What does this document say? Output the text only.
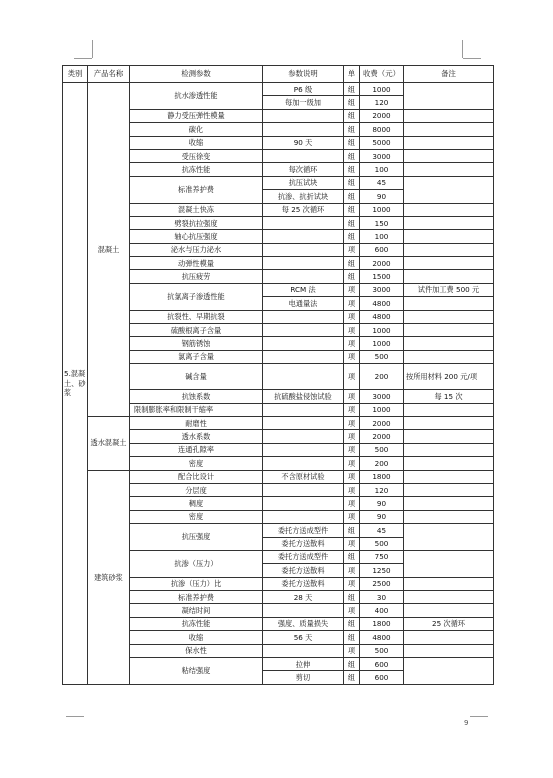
类别	产品名称	检测参数	参数说明	单	收费（元）	备注
5.混凝土、砂浆	混凝土	抗水渗透性能	P6 级	组	1000	
			每加一级加	组	120	
		静力受压弹性模量		组	2000	
		碳化		组	8000	
		收缩	90 天	组	5000	
		受压徐变		组	3000	
		抗冻性能	每次循环	组	100	
		标准养护费	抗压试块	组	45	
			抗渗、抗折试块	组	90	
		混凝土快冻	每 25 次循环	组	1000	
		劈裂抗拉强度		组	150	
		轴心抗压强度		组	100	
		泌水与压力泌水		项	600	
		动弹性模量		组	2000	
		抗压疲劳		组	1500	
		抗氯离子渗透性能	RCM 法	项	3000	试件加工费 500 元
			电通量法	项	4800	
		抗裂性、早期抗裂		项	4800	
		硫酸根离子含量		项	1000	
		钢筋锈蚀		项	1000	
		氯离子含量		项	500	
		碱含量		项	200	按所用材料 200 元/项
		抗蚀系数	抗硫酸盐侵蚀试验	项	3000	每 15 次
		限制膨胀率和限制干缩率		项	1000	
	透水混凝土	耐磨性		项	2000	
		透水系数		项	2000	
		连通孔隙率		项	500	
		密度		项	200	
	建筑砂浆	配合比设计	不含原材试验	项	1800	
		分层度		项	120	
		稠度		项	90	
		密度		项	90	
		抗压强度	委托方送成型件	组	45	
			委托方送散料	项	500	
		抗渗（压力）	委托方送成型件	组	750	
			委托方送散料	项	1250	
		抗渗（压力）比	委托方送散料	项	2500	
		标准养护费	28 天	组	30	
		凝结时间		项	400	
		抗冻性能	强度、质量损失	组	1800	25 次循环
		收缩	56 天	组	4800	
		保水性		项	500	
		粘结强度	拉伸	组	600	
			剪切	组	600	
9
